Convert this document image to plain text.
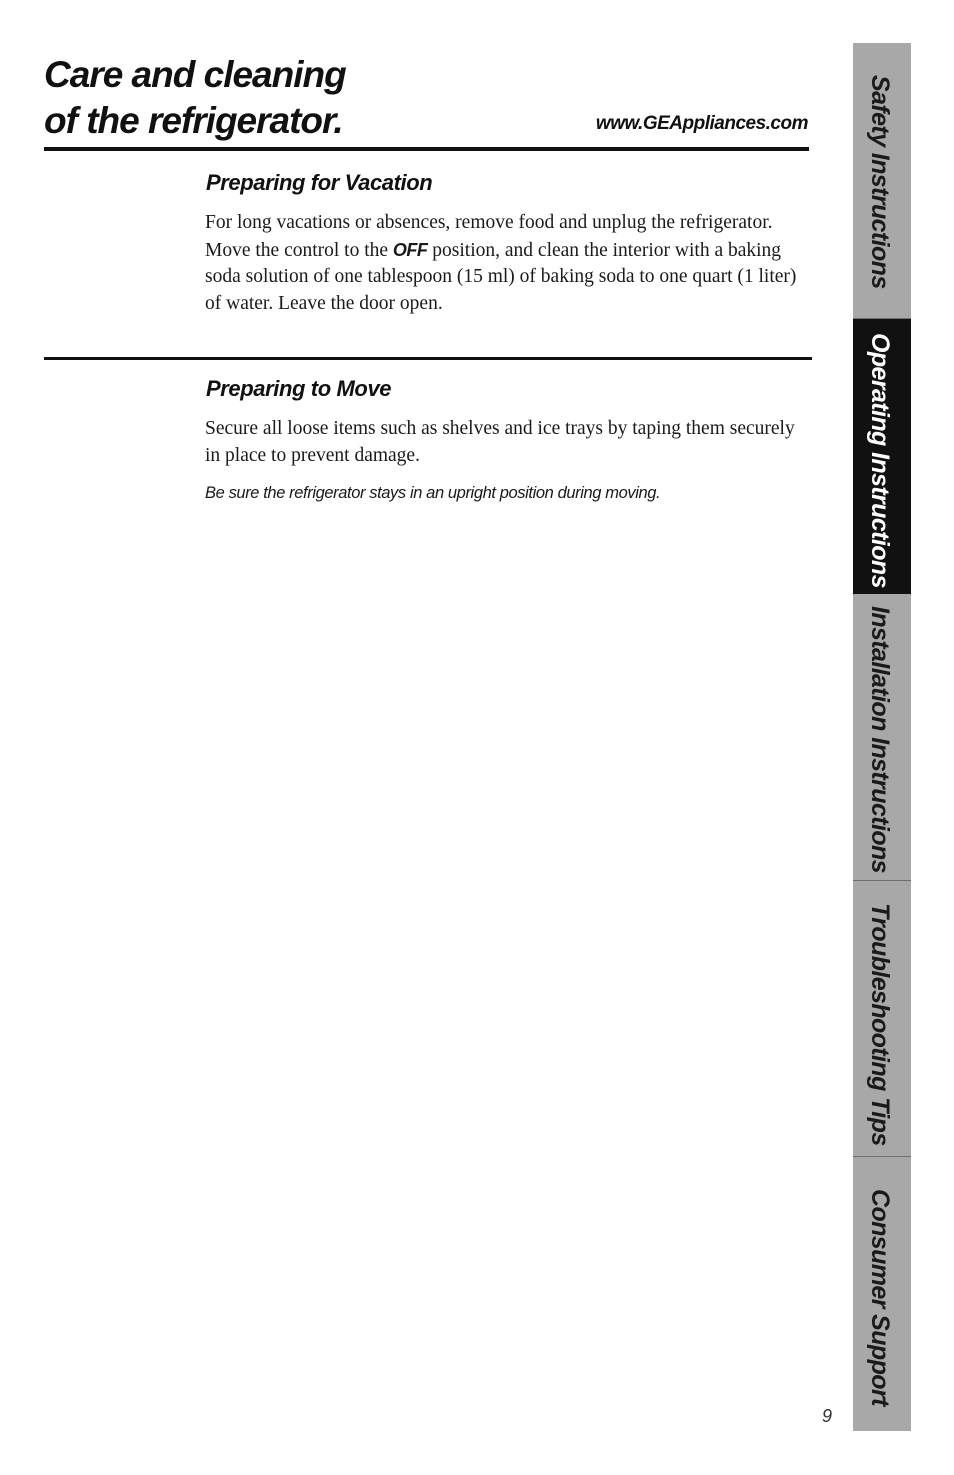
Care and cleaning
of the refrigerator.	www.GEAppliances.com
Preparing for Vacation

For long vacations or absences, remove food and unplug the refrigerator. Move the control to the OFF position, and clean the interior with a baking soda solution of one tablespoon (15 ml) of baking soda to one quart (1 liter) of water. Leave the door open.

Preparing to Move

Secure all loose items such as shelves and ice trays by taping them securely in place to prevent damage.

Be sure the refrigerator stays in an upright position during moving.

Safety Instructions
Operating Instructions
Installation Instructions
Troubleshooting Tips
Consumer Support
9
